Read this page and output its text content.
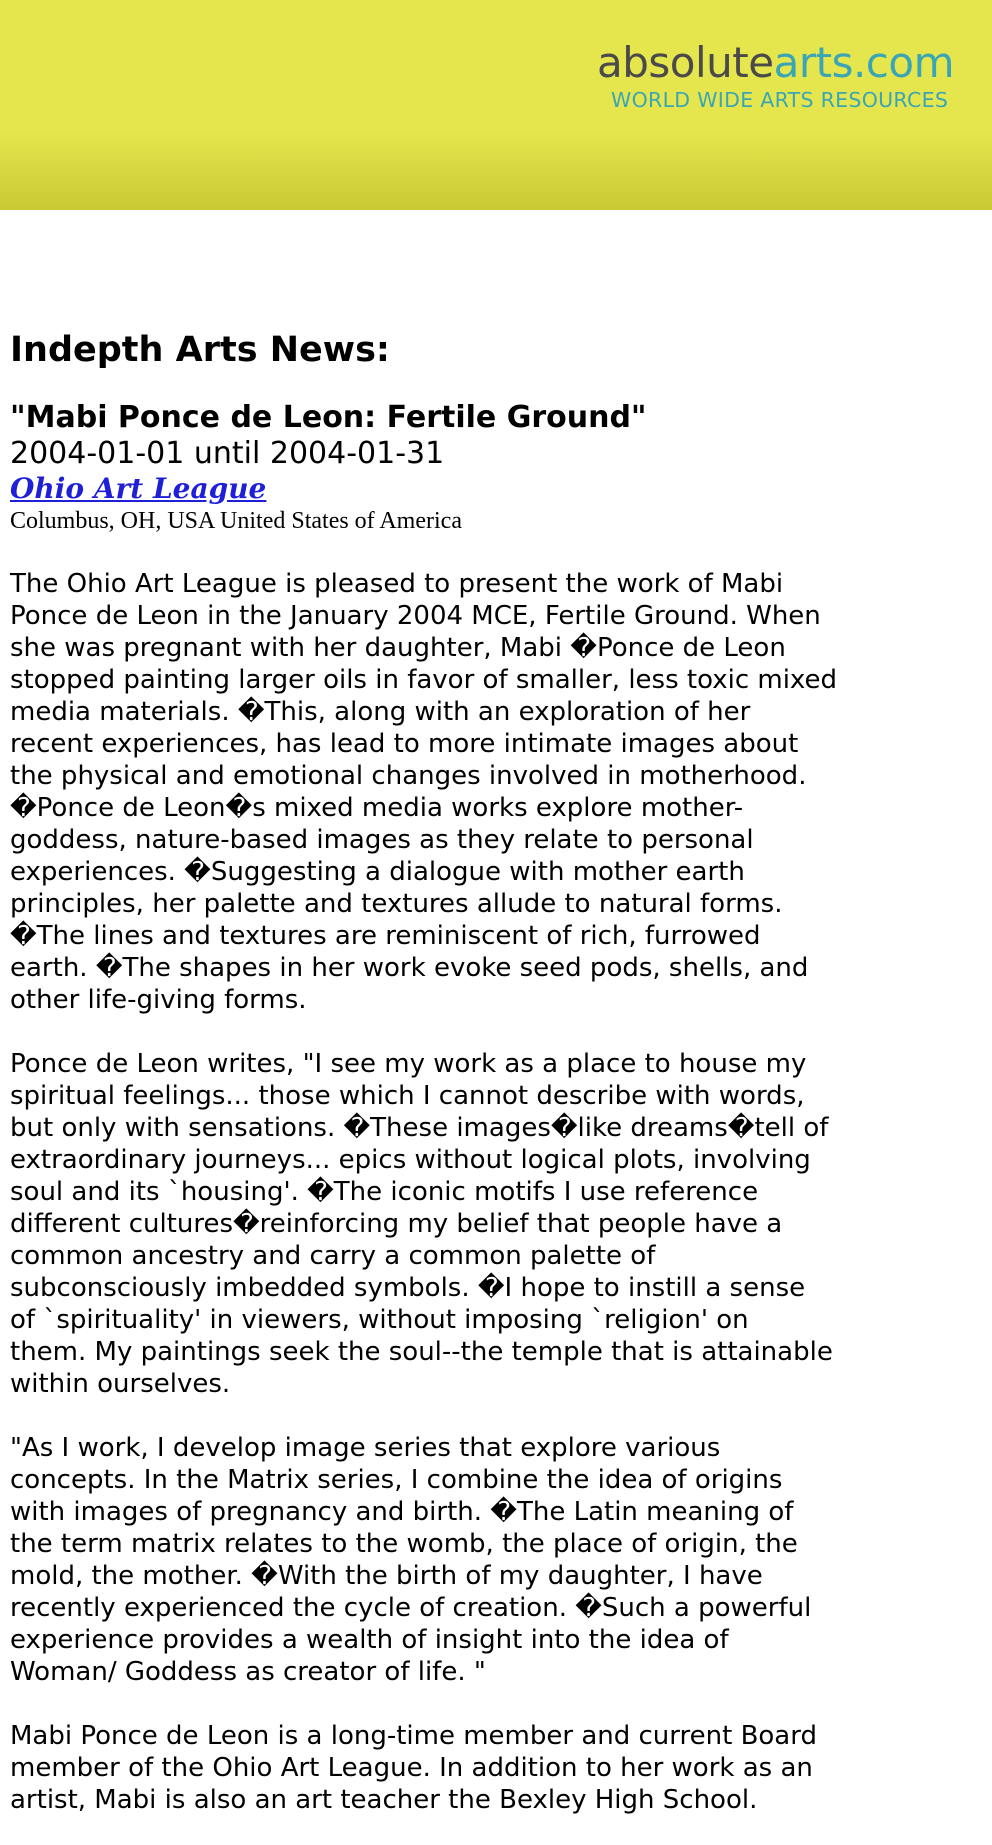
absolutearts.com
WORLD WIDE ARTS RESOURCES
Indepth Arts News:
"Mabi Ponce de Leon: Fertile Ground"
2004-01-01 until 2004-01-31
Ohio Art League
Columbus, OH, USA United States of America
The Ohio Art League is pleased to present the work of Mabi
Ponce de Leon in the January 2004 MCE, Fertile Ground. When
she was pregnant with her daughter, Mabi �Ponce de Leon
stopped painting larger oils in favor of smaller, less toxic mixed
media materials. �This, along with an exploration of her
recent experiences, has lead to more intimate images about
the physical and emotional changes involved in motherhood.
�Ponce de Leon�s mixed media works explore mother-
goddess, nature-based images as they relate to personal
experiences. �Suggesting a dialogue with mother earth
principles, her palette and textures allude to natural forms.
�The lines and textures are reminiscent of rich, furrowed
earth. �The shapes in her work evoke seed pods, shells, and
other life-giving forms.
Ponce de Leon writes, "I see my work as a place to house my
spiritual feelings... those which I cannot describe with words,
but only with sensations. �These images�like dreams�tell of
extraordinary journeys... epics without logical plots, involving
soul and its `housing'. �The iconic motifs I use reference
different cultures�reinforcing my belief that people have a
common ancestry and carry a common palette of
subconsciously imbedded symbols. �I hope to instill a sense
of `spirituality' in viewers, without imposing `religion' on
them. My paintings seek the soul--the temple that is attainable
within ourselves.
"As I work, I develop image series that explore various
concepts. In the Matrix series, I combine the idea of origins
with images of pregnancy and birth. �The Latin meaning of
the term matrix relates to the womb, the place of origin, the
mold, the mother. �With the birth of my daughter, I have
recently experienced the cycle of creation. �Such a powerful
experience provides a wealth of insight into the idea of
Woman/ Goddess as creator of life. "
Mabi Ponce de Leon is a long-time member and current Board
member of the Ohio Art League. In addition to her work as an
artist, Mabi is also an art teacher the Bexley High School.
